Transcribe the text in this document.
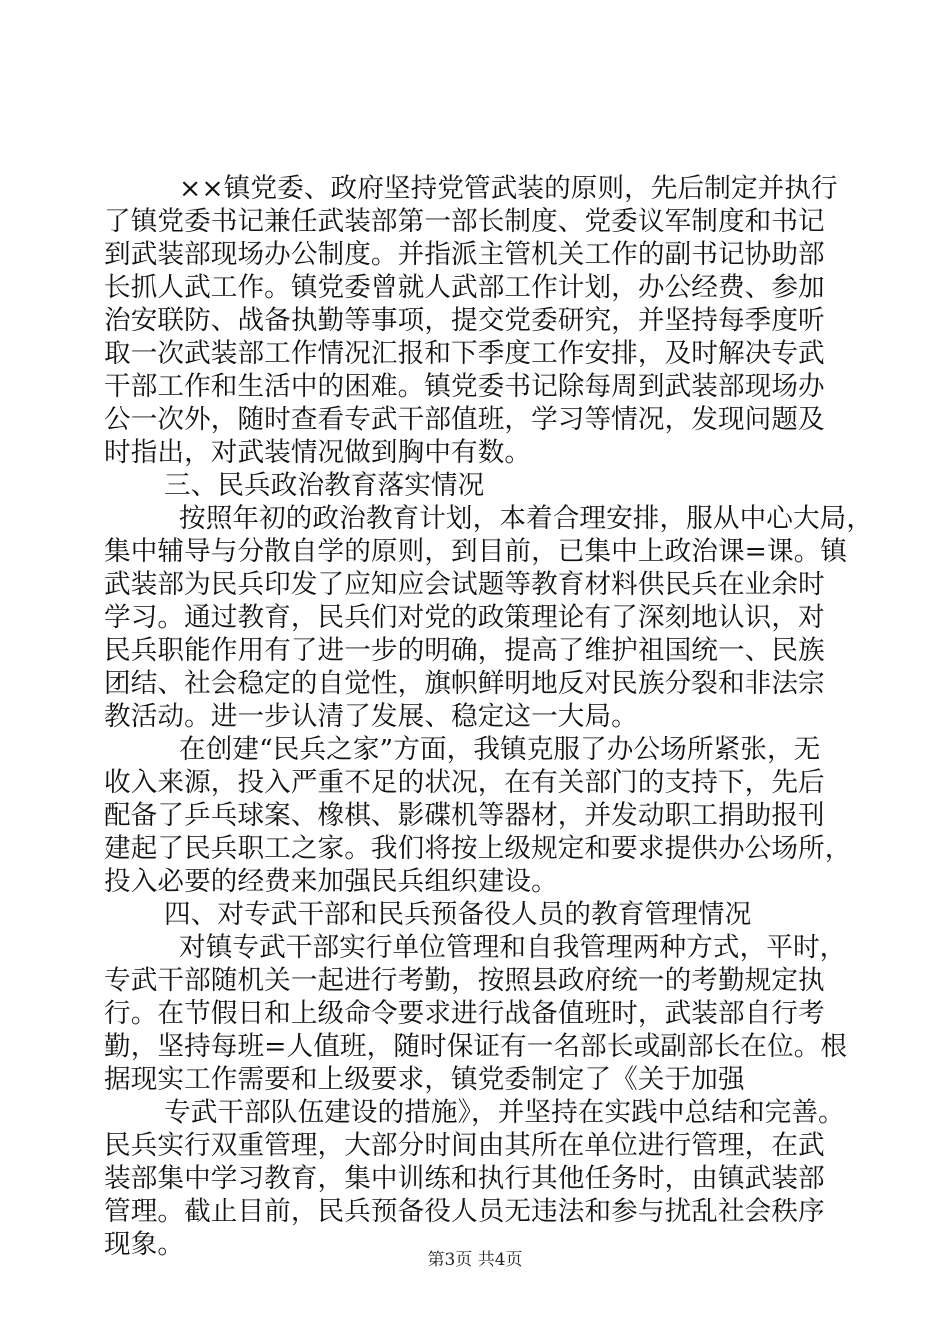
××镇党委、政府坚持党管武装的原则，先后制定并执行
了镇党委书记兼任武装部第一部长制度、党委议军制度和书记
到武装部现场办公制度。并指派主管机关工作的副书记协助部
长抓人武工作。镇党委曾就人武部工作计划，办公经费、参加
治安联防、战备执勤等事项，提交党委研究，并坚持每季度听
取一次武装部工作情况汇报和下季度工作安排，及时解决专武
干部工作和生活中的困难。镇党委书记除每周到武装部现场办
公一次外，随时查看专武干部值班，学习等情况，发现问题及
时指出，对武装情况做到胸中有数。
三、民兵政治教育落实情况
按照年初的政治教育计划，本着合理安排，服从中心大局，
集中辅导与分散自学的原则，到目前，已集中上政治课=课。镇
武装部为民兵印发了应知应会试题等教育材料供民兵在业余时
学习。通过教育，民兵们对党的政策理论有了深刻地认识，对
民兵职能作用有了进一步的明确，提高了维护祖国统一、民族
团结、社会稳定的自觉性，旗帜鲜明地反对民族分裂和非法宗
教活动。进一步认清了发展、稳定这一大局。
在创建“民兵之家”方面，我镇克服了办公场所紧张，无
收入来源，投入严重不足的状况，在有关部门的支持下，先后
配备了乒乓球案、橡棋、影碟机等器材，并发动职工捐助报刊
建起了民兵职工之家。我们将按上级规定和要求提供办公场所，
投入必要的经费来加强民兵组织建设。
四、对专武干部和民兵预备役人员的教育管理情况
对镇专武干部实行单位管理和自我管理两种方式，平时，
专武干部随机关一起进行考勤，按照县政府统一的考勤规定执
行。在节假日和上级命令要求进行战备值班时，武装部自行考
勤，坚持每班=人值班，随时保证有一名部长或副部长在位。根
据现实工作需要和上级要求，镇党委制定了《关于加强
专武干部队伍建设的措施》，并坚持在实践中总结和完善。
民兵实行双重管理，大部分时间由其所在单位进行管理，在武
装部集中学习教育，集中训练和执行其他任务时，由镇武装部
管理。截止目前，民兵预备役人员无违法和参与扰乱社会秩序
现象。	第3页 共4页
